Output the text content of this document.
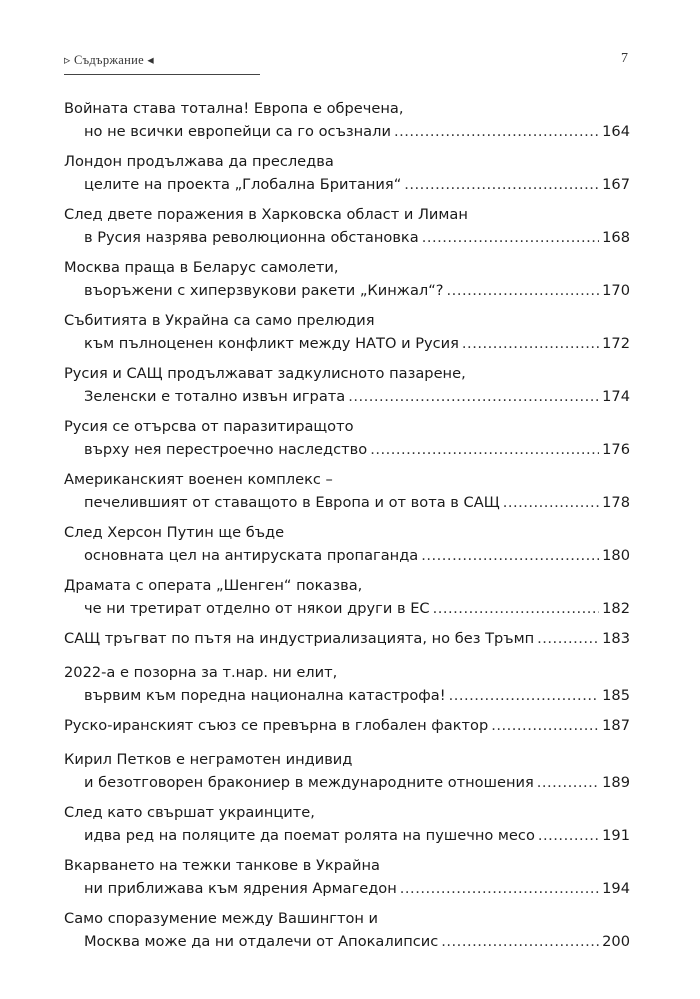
▹ Съдържание ◂	7
Войната става тотална! Европа е обречена,
но не всички европейци са го осъзнали .....	164
Лондон продължава да преследва
целите на проекта „Глобална Британия“ .....	167
След двете поражения в Харковска област и Лиман
в Русия назрява революционна обстановка .....	168
Москва праща в Беларус самолети,
въоръжени с хиперзвукови ракети „Кинжал“? .....	170
Събитията в Украйна са само прелюдия
към пълноценен конфликт между НАТО и Русия .....	172
Русия и САЩ продължават задкулисното пазарене,
Зеленски е тотално извън играта .....	174
Русия се отърсва от паразитиращото
върху нея перестроечно наследство .....	176
Американският военен комплекс –
печелившият от ставащото в Европа и от вота в САЩ .....	178
След Херсон Путин ще бъде
основната цел на антируската пропаганда .....	180
Драмата с операта „Шенген“ показва,
че ни третират отделно от някои други в ЕС .....	182
САЩ тръгват по пътя на индустриализацията, но без Тръмп .....	183
2022-а е позорна за т.нар. ни елит,
вървим към поредна национална катастрофа! .....	185
Руско-иранският съюз се превърна в глобален фактор .....	187
Кирил Петков е неграмотен индивид
и безотговорен бракониер в международните отношения .....	189
След като свършат украинците,
идва ред на поляците да поемат ролята на пушечно месо .....	191
Вкарването на тежки танкове в Украйна
ни приближава към ядрения Армагедон .....	194
Само споразумение между Вашингтон и
Москва може да ни отдалечи от Апокалипсис .....	200
